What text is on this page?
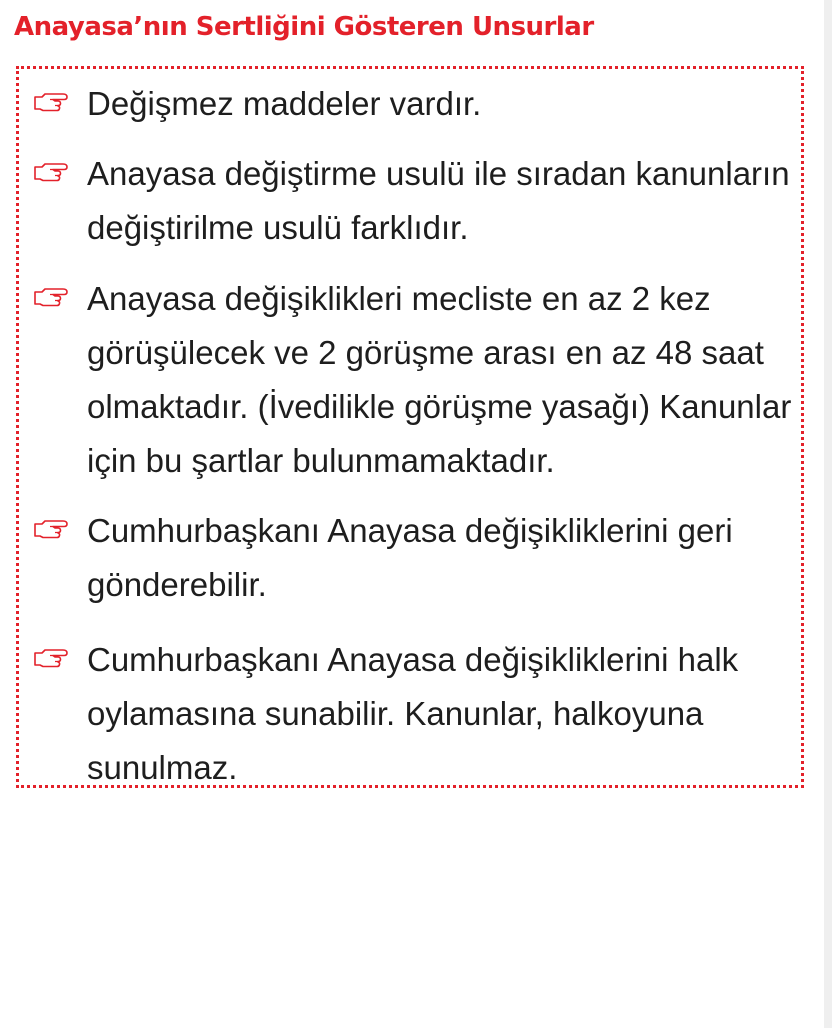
Anayasa’nın Sertliğini Gösteren Unsurlar

Değişmez maddeler vardır.

Anayasa değiştirme usulü ile sıradan kanunların değiştirilme usulü farklıdır.

Anayasa değişiklikleri mecliste en az 2 kez görüşülecek ve 2 görüşme arası en az 48 saat olmaktadır. (İvedilikle görüşme yasağı) Kanunlar için bu şartlar bulunmamaktadır.

Cumhurbaşkanı Anayasa değişikliklerini geri gönderebilir.

Cumhurbaşkanı Anayasa değişikliklerini halk oylamasına sunabilir. Kanunlar, halkoyuna sunulmaz.
